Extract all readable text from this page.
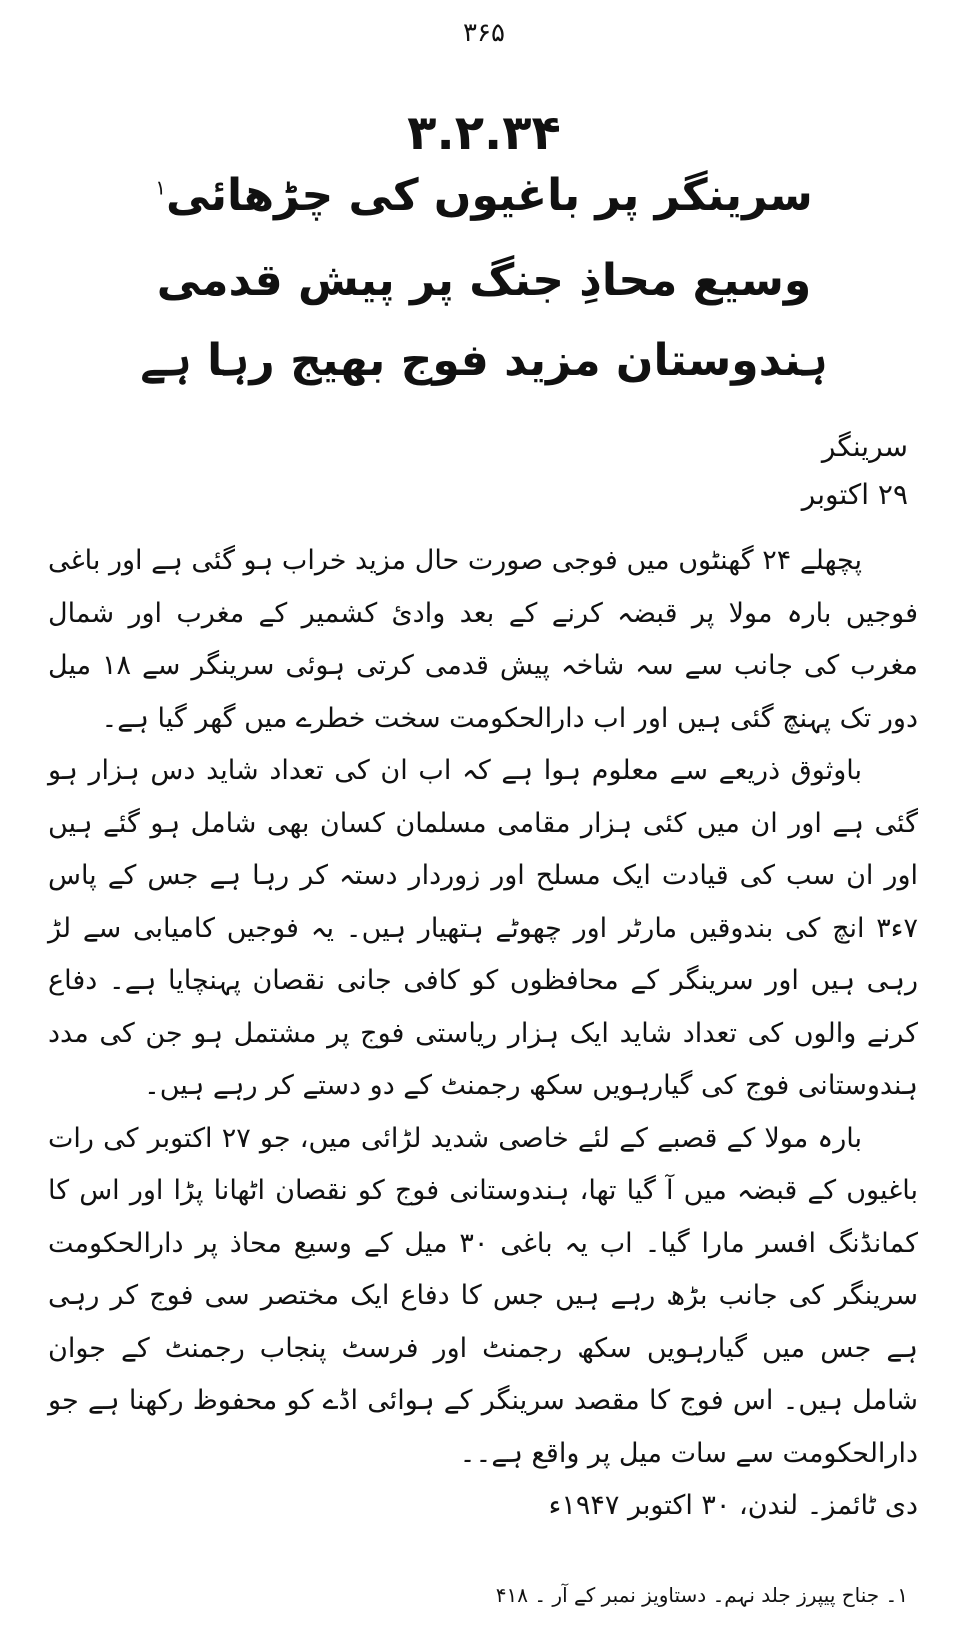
۳۶۵
۳.۲.۳۴
سرینگر پر باغیوں کی چڑھائی$^۱$
وسیع محاذِ جنگ پر پیش قدمی
ہندوستان مزید فوج بھیج رہا ہے
سرینگر
۲۹ اکتوبر

پچھلے ۲۴ گھنٹوں میں فوجی صورت حال مزید خراب ہو گئی ہے اور باغی فوجیں بارہ مولا پر قبضہ کرنے کے بعد وادیٔ کشمیر کے مغرب اور شمال مغرب کی جانب سے سہ شاخہ پیش قدمی کرتی ہوئی سرینگر سے ۱۸ میل دور تک پہنچ گئی ہیں اور اب دارالحکومت سخت خطرے میں گھر گیا ہے۔

باوثوق ذریعے سے معلوم ہوا ہے کہ اب ان کی تعداد شاید دس ہزار ہو گئی ہے اور ان میں کئی ہزار مقامی مسلمان کسان بھی شامل ہو گئے ہیں اور ان سب کی قیادت ایک مسلح اور زوردار دستہ کر رہا ہے جس کے پاس ۷ء۳ انچ کی بندوقیں مارٹر اور چھوٹے ہتھیار ہیں۔ یہ فوجیں کامیابی سے لڑ رہی ہیں اور سرینگر کے محافظوں کو کافی جانی نقصان پہنچایا ہے۔ دفاع کرنے والوں کی تعداد شاید ایک ہزار ریاستی فوج پر مشتمل ہو جن کی مدد ہندوستانی فوج کی گیارہویں سکھ رجمنٹ کے دو دستے کر رہے ہیں۔

بارہ مولا کے قصبے کے لئے خاصی شدید لڑائی میں، جو ۲۷ اکتوبر کی رات باغیوں کے قبضہ میں آ گیا تھا، ہندوستانی فوج کو نقصان اٹھانا پڑا اور اس کا کمانڈنگ افسر مارا گیا۔ اب یہ باغی ۳۰ میل کے وسیع محاذ پر دارالحکومت سرینگر کی جانب بڑھ رہے ہیں جس کا دفاع ایک مختصر سی فوج کر رہی ہے جس میں گیارہویں سکھ رجمنٹ اور فرسٹ پنجاب رجمنٹ کے جوان شامل ہیں۔ اس فوج کا مقصد سرینگر کے ہوائی اڈے کو محفوظ رکھنا ہے جو دارالحکومت سے سات میل پر واقع ہے۔۔

دی ٹائمز۔ لندن، ۳۰ اکتوبر ۱۹۴۷ء

۱۔ جناح پیپرز جلد نہم۔ دستاویز نمبر کے آر ۔ ۴۱۸
